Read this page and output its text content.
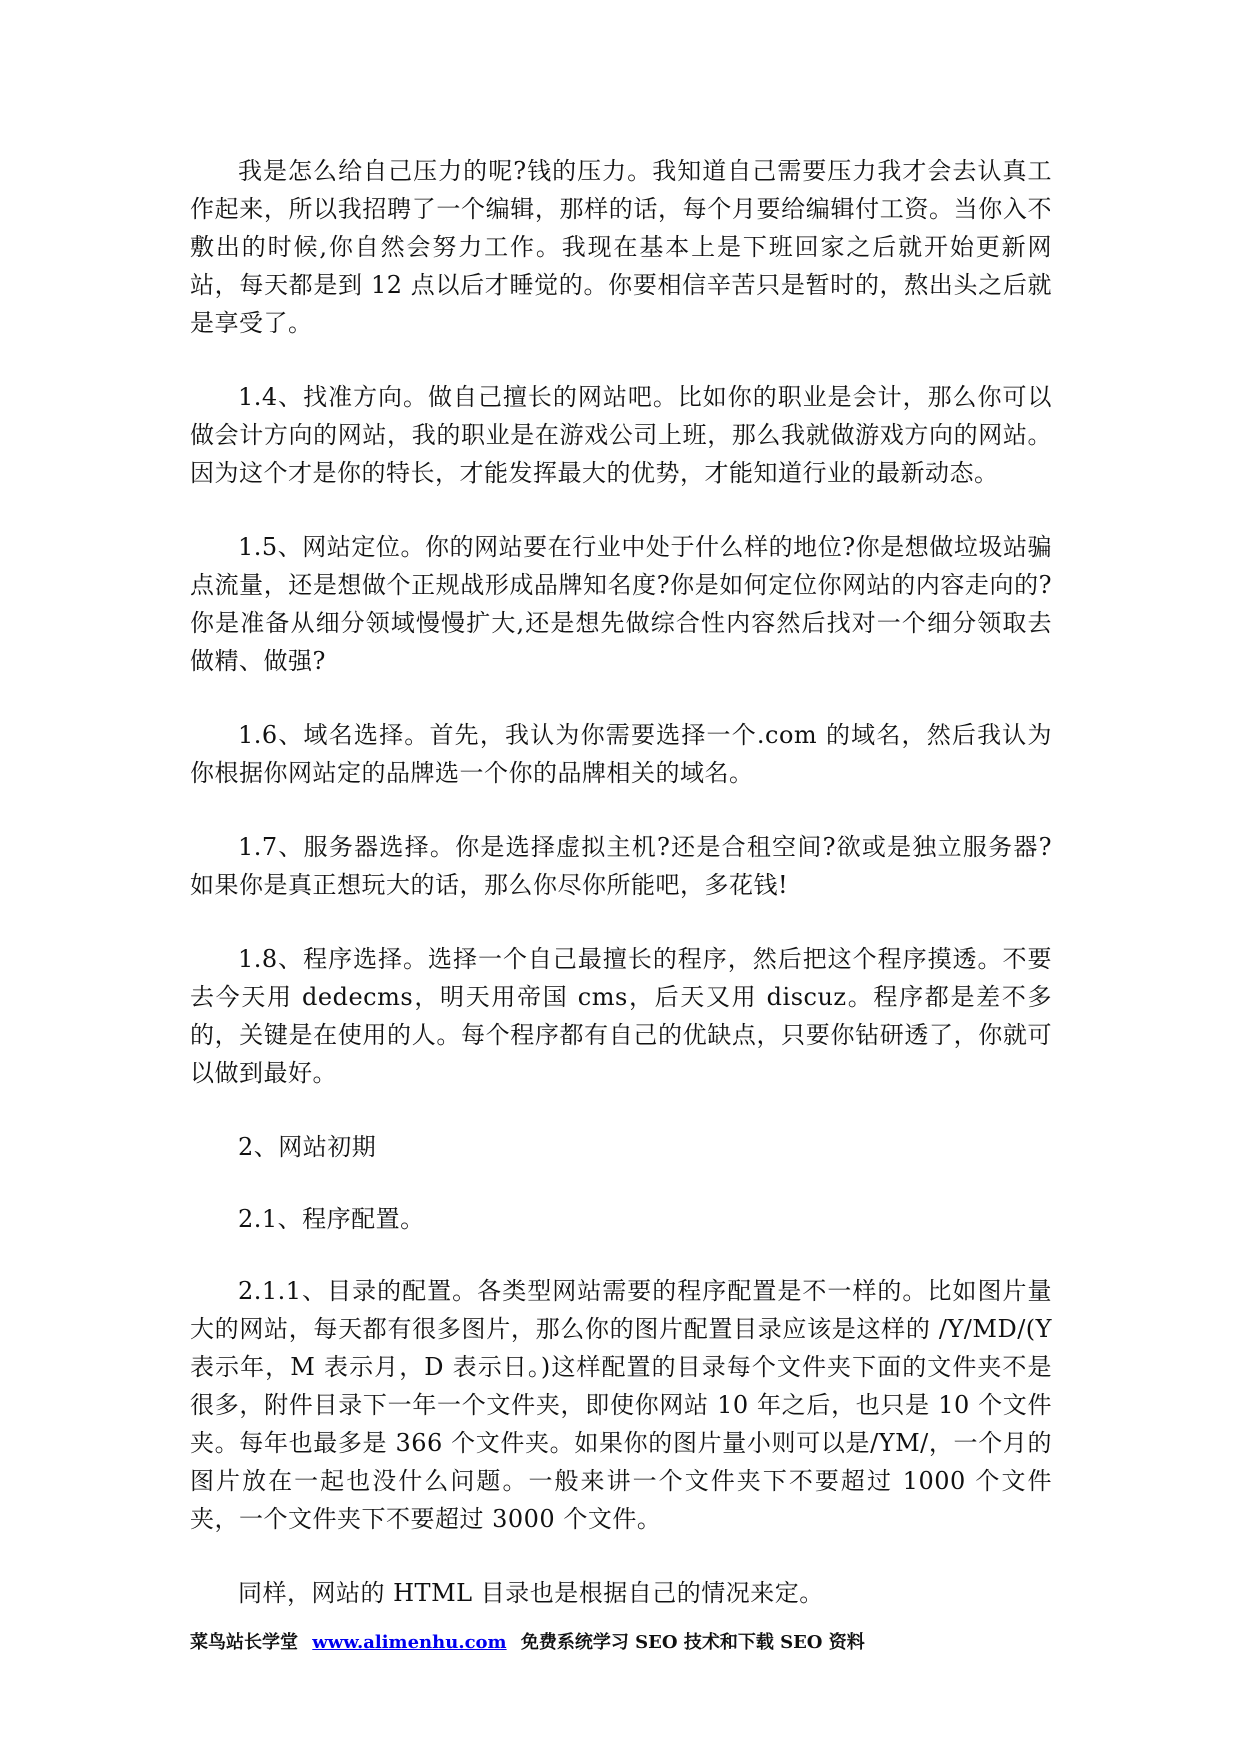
我是怎么给自己压力的呢?钱的压力。我知道自己需要压力我才会去认真工作起来，所以我招聘了一个编辑，那样的话，每个月要给编辑付工资。当你入不敷出的时候,你自然会努力工作。我现在基本上是下班回家之后就开始更新网站，每天都是到 12 点以后才睡觉的。你要相信辛苦只是暂时的，熬出头之后就是享受了。

1.4、找准方向。做自己擅长的网站吧。比如你的职业是会计，那么你可以做会计方向的网站，我的职业是在游戏公司上班，那么我就做游戏方向的网站。因为这个才是你的特长，才能发挥最大的优势，才能知道行业的最新动态。

1.5、网站定位。你的网站要在行业中处于什么样的地位?你是想做垃圾站骗点流量，还是想做个正规战形成品牌知名度?你是如何定位你网站的内容走向的?你是准备从细分领域慢慢扩大,还是想先做综合性内容然后找对一个细分领取去做精、做强?

1.6、域名选择。首先，我认为你需要选择一个.com 的域名，然后我认为你根据你网站定的品牌选一个你的品牌相关的域名。

1.7、服务器选择。你是选择虚拟主机?还是合租空间?欲或是独立服务器?如果你是真正想玩大的话，那么你尽你所能吧，多花钱!

1.8、程序选择。选择一个自己最擅长的程序，然后把这个程序摸透。不要去今天用 dedecms，明天用帝国 cms，后天又用 discuz。程序都是差不多的，关键是在使用的人。每个程序都有自己的优缺点，只要你钻研透了，你就可以做到最好。

2、网站初期

2.1、程序配置。

2.1.1、目录的配置。各类型网站需要的程序配置是不一样的。比如图片量大的网站，每天都有很多图片，那么你的图片配置目录应该是这样的 /Y/MD/(Y 表示年，M 表示月，D 表示日。)这样配置的目录每个文件夹下面的文件夹不是很多，附件目录下一年一个文件夹，即使你网站 10 年之后，也只是 10 个文件夹。每年也最多是 366 个文件夹。如果你的图片量小则可以是/YM/，一个月的图片放在一起也没什么问题。一般来讲一个文件夹下不要超过 1000 个文件夹，一个文件夹下不要超过 3000 个文件。

同样，网站的 HTML 目录也是根据自己的情况来定。

菜鸟站长学堂 www.alimenhu.com 免费系统学习 SEO 技术和下载 SEO 资料
